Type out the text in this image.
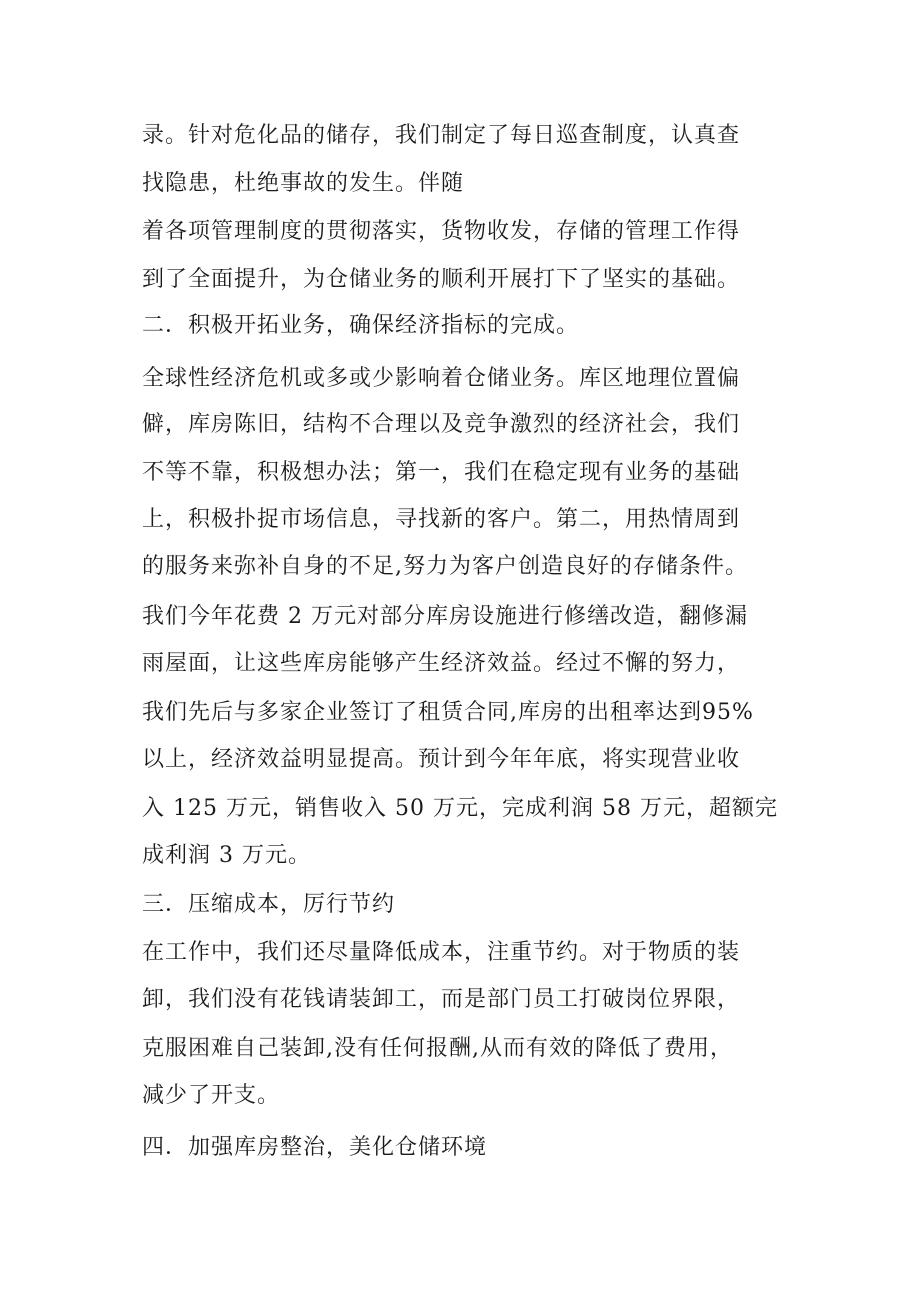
录。针对危化品的储存，我们制定了每日巡查制度，认真查
找隐患，杜绝事故的发生。伴随
着各项管理制度的贯彻落实，货物收发，存储的管理工作得
到了全面提升，为仓储业务的顺利开展打下了坚实的基础。
二．积极开拓业务，确保经济指标的完成。
全球性经济危机或多或少影响着仓储业务。库区地理位置偏
僻，库房陈旧，结构不合理以及竞争激烈的经济社会，我们
不等不靠，积极想办法；第一，我们在稳定现有业务的基础
上，积极扑捉市场信息，寻找新的客户。第二，用热情周到
的服务来弥补自身的不足,努力为客户创造良好的存储条件。
我们今年花费 2 万元对部分库房设施进行修缮改造，翻修漏
雨屋面，让这些库房能够产生经济效益。经过不懈的努力，
我们先后与多家企业签订了租赁合同,库房的出租率达到95%
以上，经济效益明显提高。预计到今年年底，将实现营业收
入 125 万元，销售收入 50 万元，完成利润 58 万元，超额完
成利润 3 万元。
三．压缩成本，厉行节约
在工作中，我们还尽量降低成本，注重节约。对于物质的装
卸，我们没有花钱请装卸工，而是部门员工打破岗位界限，
克服困难自己装卸,没有任何报酬,从而有效的降低了费用，
减少了开支。
四．加强库房整治，美化仓储环境
